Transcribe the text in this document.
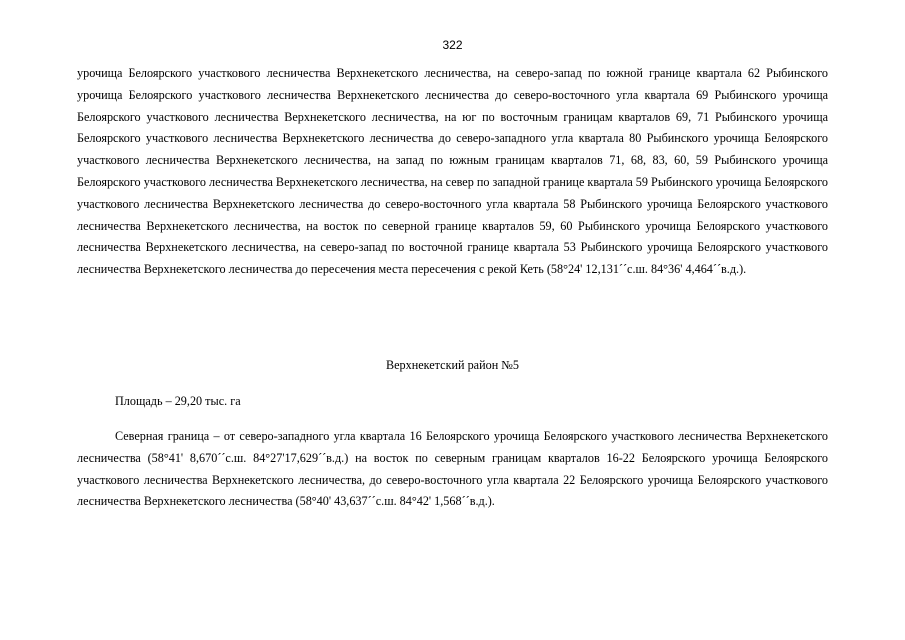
322

урочища Белоярского участкового лесничества Верхнекетского лесничества, на северо-запад по южной границе квартала 62 Рыбинского урочища Белоярского участкового лесничества Верхнекетского лесничества до северо-восточного угла квартала 69 Рыбинского урочища Белоярского участкового лесничества Верхнекетского лесничества, на юг по восточным границам кварталов 69, 71 Рыбинского урочища Белоярского участкового лесничества Верхнекетского лесничества до северо-западного угла квартала 80 Рыбинского урочища Белоярского участкового лесничества Верхнекетского лесничества, на запад по южным границам кварталов 71, 68, 83, 60, 59 Рыбинского урочища Белоярского участкового лесничества Верхнекетского лесничества, на север по западной границе квартала 59 Рыбинского урочища Белоярского участкового лесничества Верхнекетского лесничества до северо-восточного угла квартала 58 Рыбинского урочища Белоярского участкового лесничества Верхнекетского лесничества, на восток по северной границе кварталов 59, 60 Рыбинского урочища Белоярского участкового лесничества Верхнекетского лесничества, на северо-запад по восточной границе квартала 53 Рыбинского урочища Белоярского участкового лесничества Верхнекетского лесничества до пересечения места пересечения с рекой Кеть (58°24' 12,131´´с.ш. 84°36' 4,464´´в.д.).

Верхнекетский район №5
Площадь – 29,20 тыс. га

Северная граница – от северо-западного угла квартала 16 Белоярского урочища Белоярского участкового лесничества Верхнекетского лесничества (58°41' 8,670´´с.ш. 84°27'17,629´´в.д.) на восток по северным границам кварталов 16-22 Белоярского урочища Белоярского участкового лесничества Верхнекетского лесничества, до северо-восточного угла квартала 22 Белоярского урочища Белоярского участкового лесничества Верхнекетского лесничества (58°40' 43,637´´с.ш. 84°42' 1,568´´в.д.).
